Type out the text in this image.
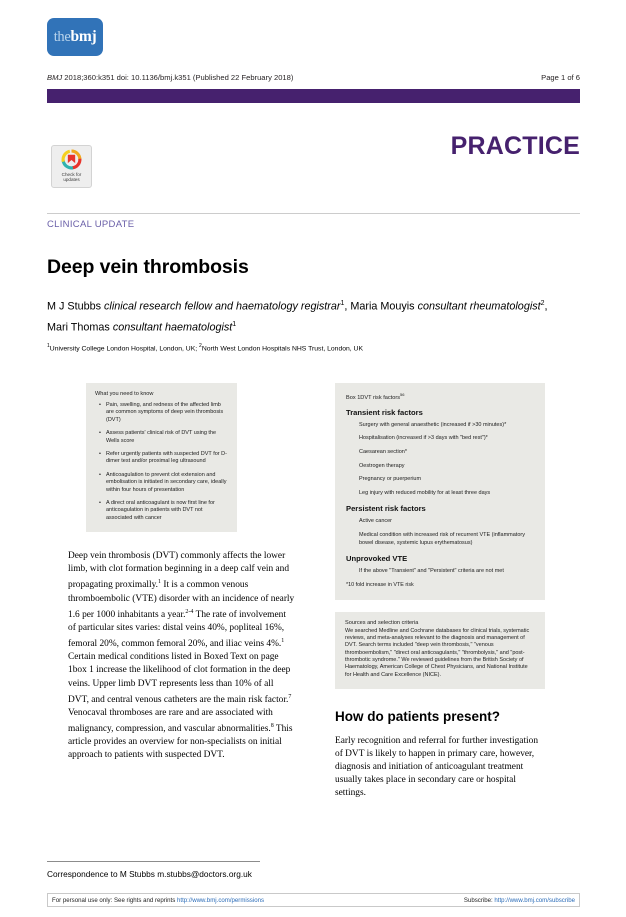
the bmj
BMJ 2018;360:k351 doi: 10.1136/bmj.k351 (Published 22 February 2018)	Page 1 of 6
PRACTICE
Check for
updates
CLINICAL UPDATE
Deep vein thrombosis
M J Stubbs clinical research fellow and haematology registrar$^1$, Maria Mouyis consultant rheumatologist$^2$, Mari Thomas consultant haematologist$^1$
$^1$University College London Hospital, London, UK; $^2$North West London Hospitals NHS Trust, London, UK
What you need to know
• Pain, swelling, and redness of the affected limb are common symptoms of deep vein thrombosis (DVT)
• Assess patients' clinical risk of DVT using the Wells score
• Refer urgently patients with suspected DVT for D-dimer test and/or proximal leg ultrasound
• Anticoagulation to prevent clot extension and embolisation is initiated in secondary care, ideally within four hours of presentation
• A direct oral anticoagulant is now first line for anticoagulation in patients with DVT not associated with cancer
Deep vein thrombosis (DVT) commonly affects the lower limb, with clot formation beginning in a deep calf vein and propagating proximally.$^1$ It is a common venous thromboembolic (VTE) disorder with an incidence of nearly 1.6 per 1000 inhabitants a year.$^{2-4}$ The rate of involvement of particular sites varies: distal veins 40%, popliteal 16%, femoral 20%, common femoral 20%, and iliac veins 4%.$^1$ Certain medical conditions listed in Boxed Text on page 1box 1 increase the likelihood of clot formation in the deep veins. Upper limb DVT represents less than 10% of all DVT, and central venous catheters are the main risk factor.$^7$ Venocaval thromboses are rare and are associated with malignancy, compression, and vascular abnormalities.$^8$ This article provides an overview for non-specialists on initial approach to patients with suspected DVT.
Box 1DVT risk factors$^{56}$
Transient risk factors

Surgery with general anaesthetic (increased if >30 minutes)*

Hospitalisation (increased if >3 days with "bed rest")*

Caesarean section*

Oestrogen therapy

Pregnancy or puerperium

Leg injury with reduced mobility for at least three days

Persistent risk factors

Active cancer

Medical condition with increased risk of recurrent VTE (inflammatory bowel disease, systemic lupus erythematosus)

Unprovoked VTE

If the above "Transient" and "Persistent" criteria are not met

*10 fold increase in VTE risk
Sources and selection criteria
We searched Medline and Cochrane databases for clinical trials, systematic reviews, and meta-analyses relevant to the diagnosis and management of DVT. Search terms included "deep vein thrombosis," "venous thromboembolism," "direct oral anticoagulants," "thrombolysis," and "post-thrombotic syndrome." We reviewed guidelines from the British Society of Haematology, American College of Chest Physicians, and National Institute for Health and Care Excellence (NICE).
How do patients present?
Early recognition and referral for further investigation of DVT is likely to happen in primary care, however, diagnosis and initiation of anticoagulant treatment usually takes place in secondary care or hospital settings.
Correspondence to M Stubbs m.stubbs@doctors.org.uk
For personal use only: See rights and reprints http://www.bmj.com/permissions	Subscribe: http://www.bmj.com/subscribe
